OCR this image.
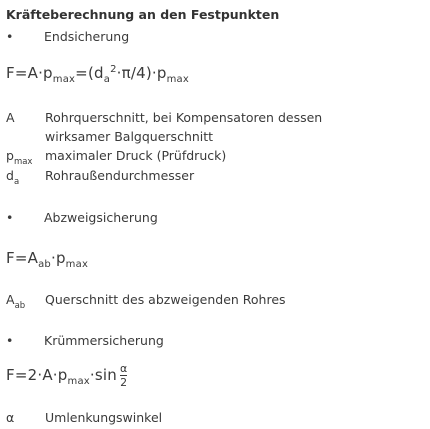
Kräfteberechnung an den Festpunkten
• Endsicherung
$F=A\cdot p_{max}=(d_a^2\cdot\pi/4)\cdot p_{max}$
A Rohrquerschnitt, bei Kompensatoren dessen
wirksamer Balgquerschnitt
$p_{max}$ maximaler Druck (Prüfdruck)
$d_a$ Rohraußendurchmesser
• Abzweigsicherung
$F=A_{ab}\cdot p_{max}$
$A_{ab}$ Querschnitt des abzweigenden Rohres
• Krümmersicherung
$F=2\cdot A\cdot p_{max}\cdot\sin \frac{\alpha}{2}$
α Umlenkungswinkel
